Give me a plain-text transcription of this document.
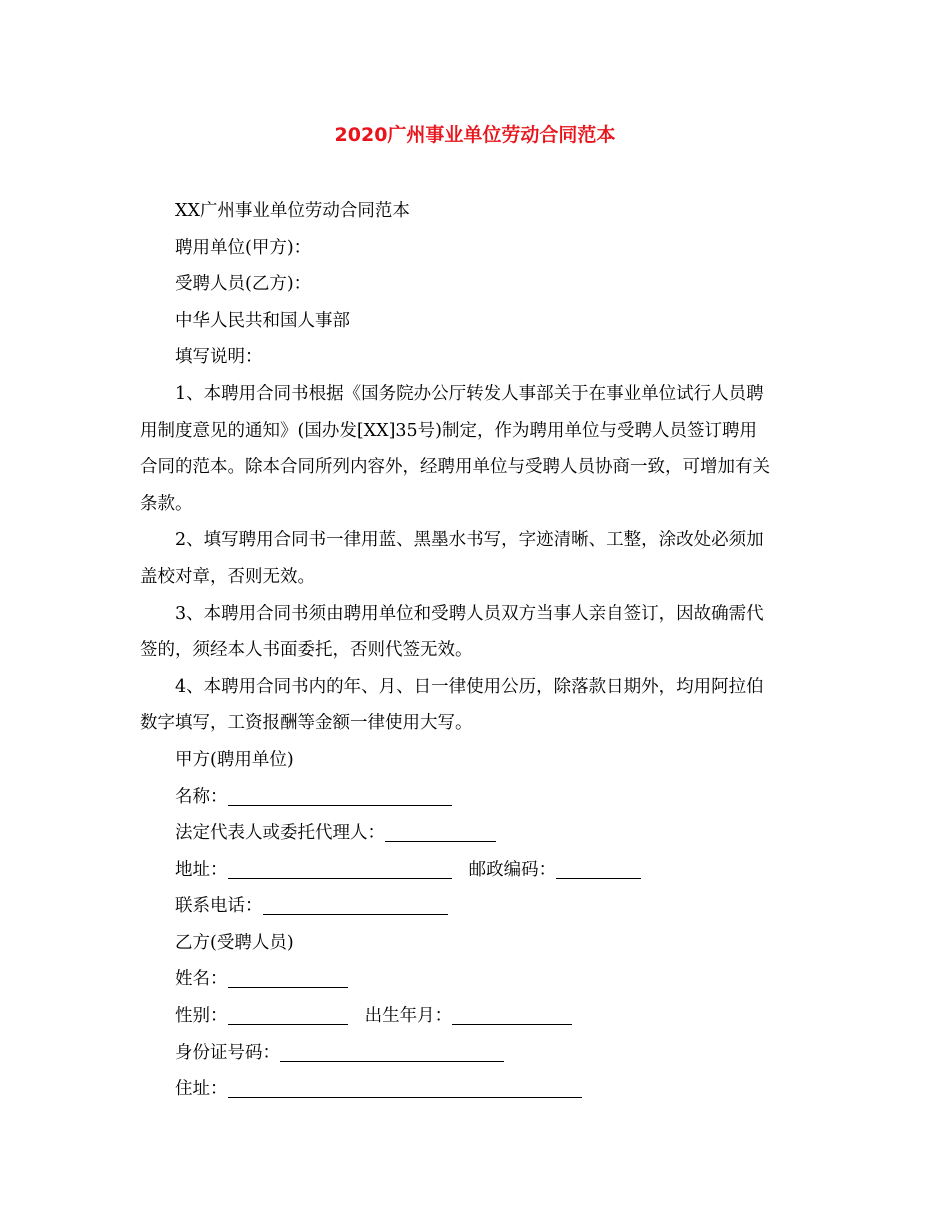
2020广州事业单位劳动合同范本
XX广州事业单位劳动合同范本
聘用单位(甲方)：
受聘人员(乙方)：
中华人民共和国人事部
填写说明：
1、本聘用合同书根据《国务院办公厅转发人事部关于在事业单位试行人员聘
用制度意见的通知》(国办发[XX]35号)制定，作为聘用单位与受聘人员签订聘用
合同的范本。除本合同所列内容外，经聘用单位与受聘人员协商一致，可增加有关
条款。
2、填写聘用合同书一律用蓝、黑墨水书写，字迹清晰、工整，涂改处必须加
盖校对章，否则无效。
3、本聘用合同书须由聘用单位和受聘人员双方当事人亲自签订，因故确需代
签的，须经本人书面委托，否则代签无效。
4、本聘用合同书内的年、月、日一律使用公历，除落款日期外，均用阿拉伯
数字填写，工资报酬等金额一律使用大写。
甲方(聘用单位)
名称：
法定代表人或委托代理人：
地址：	邮政编码：
联系电话：
乙方(受聘人员)
姓名：
性别：	出生年月：
身份证号码：
住址：
